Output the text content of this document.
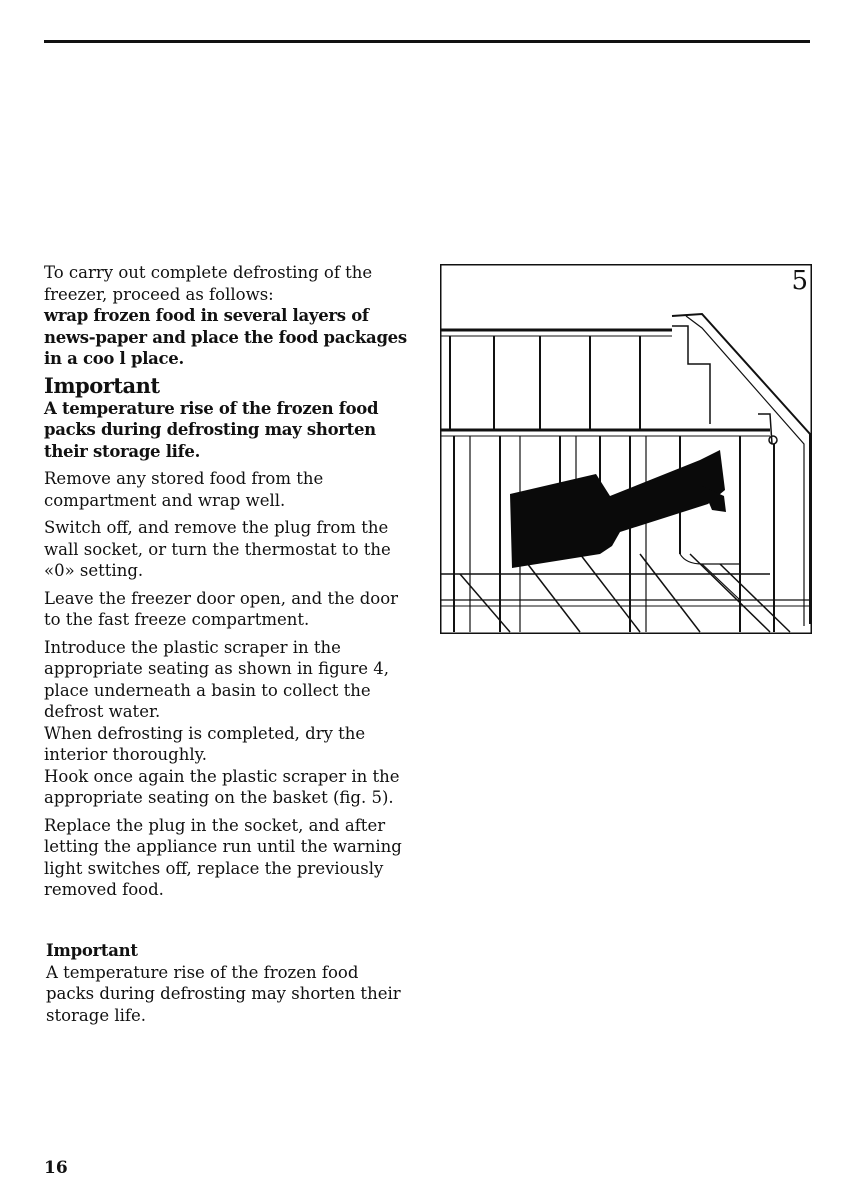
To carry out complete defrosting of the freezer, proceed as follows:

wrap frozen food in several layers of news-paper and place the food packages in a coo l place.

Important

A temperature rise of the frozen food packs during defrosting may shorten their storage life.

Remove any stored food from the compartment and wrap well.

Switch off, and remove the plug from the wall socket, or turn the thermostat to the «0» setting.

Leave the freezer door open, and the door to the fast freeze compartment.

Introduce the plastic scraper in the appropriate seating as shown in figure 4, place underneath a basin to collect the defrost water.

When defrosting is completed, dry the interior thoroughly.

Hook once again the plastic scraper in the appropriate seating on the basket (fig. 5).

Replace the plug in the socket, and after letting the appliance run until the warning light switches off, replace the previously removed food.

Important

A temperature rise of the frozen food packs during defrosting may shorten their storage life.

5
16
